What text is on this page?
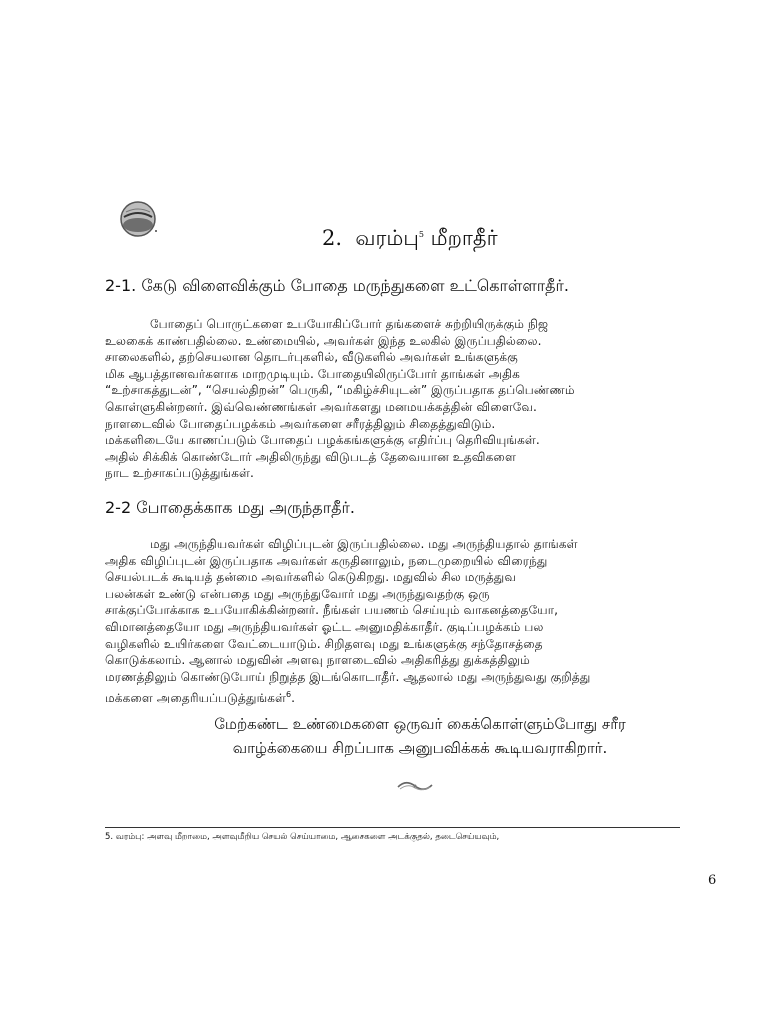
2. வரம்பு$^5$ மீறாதீர்
2-1. கேடு விளைவிக்கும் போதை மருந்துகளை உட்கொள்ளாதீர்.
போதைப் பொருட்களை உபயோகிப்போர் தங்களைச் சுற்றியிருக்கும் நிஜ
உலகைக் காண்பதில்லை. உண்மையில், அவர்கள் இந்த உலகில் இருப்பதில்லை.
சாலைகளில், தற்செயலான தொடர்புகளில், வீடுகளில் அவர்கள் உங்களுக்கு
மிக ஆபத்தானவர்களாக மாறமுடியும். போதையிலிருப்போர் தாங்கள் அதிக
“உற்சாகத்துடன்”, “செயல்திறன்” பெருகி, “மகிழ்ச்சியுடன்” இருப்பதாக தப்பெண்ணம்
கொள்ளுகின்றனர். இவ்வெண்ணங்கள் அவர்களது மனமயக்கத்தின் விளைவே.
நாளடைவில் போதைப்பழக்கம் அவர்களை சரீரத்திலும் சிதைத்துவிடும்.
மக்களிடையே காணப்படும் போதைப் பழக்கங்களுக்கு எதிர்ப்பு தெரிவியுங்கள்.
அதில் சிக்கிக் கொண்டோர் அதிலிருந்து விடுபடத் தேவையான உதவிகளை
நாட உற்சாகப்படுத்துங்கள்.
2-2 போதைக்காக மது அருந்தாதீர்.
மது அருந்தியவர்கள் விழிப்புடன் இருப்பதில்லை. மது அருந்தியதால் தாங்கள்
அதிக விழிப்புடன் இருப்பதாக அவர்கள் கருதினாலும், நடைமுறையில் விரைந்து
செயல்படக் கூடியத் தன்மை அவர்களில் கெடுகிறது. மதுவில் சில மருத்துவ
பலன்கள் உண்டு என்பதை மது அருந்துவோர் மது அருந்துவதற்கு ஒரு
சாக்குப்போக்காக உபயோகிக்கின்றனர். நீங்கள் பயணம் செய்யும் வாகனத்தையோ,
விமானத்தையோ மது அருந்தியவர்கள் ஓட்ட அனுமதிக்காதீர். குடிப்பழக்கம் பல
வழிகளில் உயிர்களை வேட்டையாடும். சிறிதளவு மது உங்களுக்கு சந்தோசத்தை
கொடுக்கலாம். ஆனால் மதுவின் அளவு நாளடைவில் அதிகரித்து துக்கத்திலும்
மரணத்திலும் கொண்டுபோய் நிறுத்த இடங்கொடாதீர். ஆதலால் மது அருந்துவது குறித்து
மக்களை அதைரியப்படுத்துங்கள்$^6$.
மேற்கண்ட உண்மைகளை ஒருவர் கைக்கொள்ளும்போது சரீர
வாழ்க்கையை சிறப்பாக அனுபவிக்கக் கூடியவராகிறார்.
5. வரம்பு: அளவு மீறாமை, அளவுமீறிய செயல் செய்யாமை, ஆசைகளை அடக்குதல், தடைசெய்யவும்,
6
